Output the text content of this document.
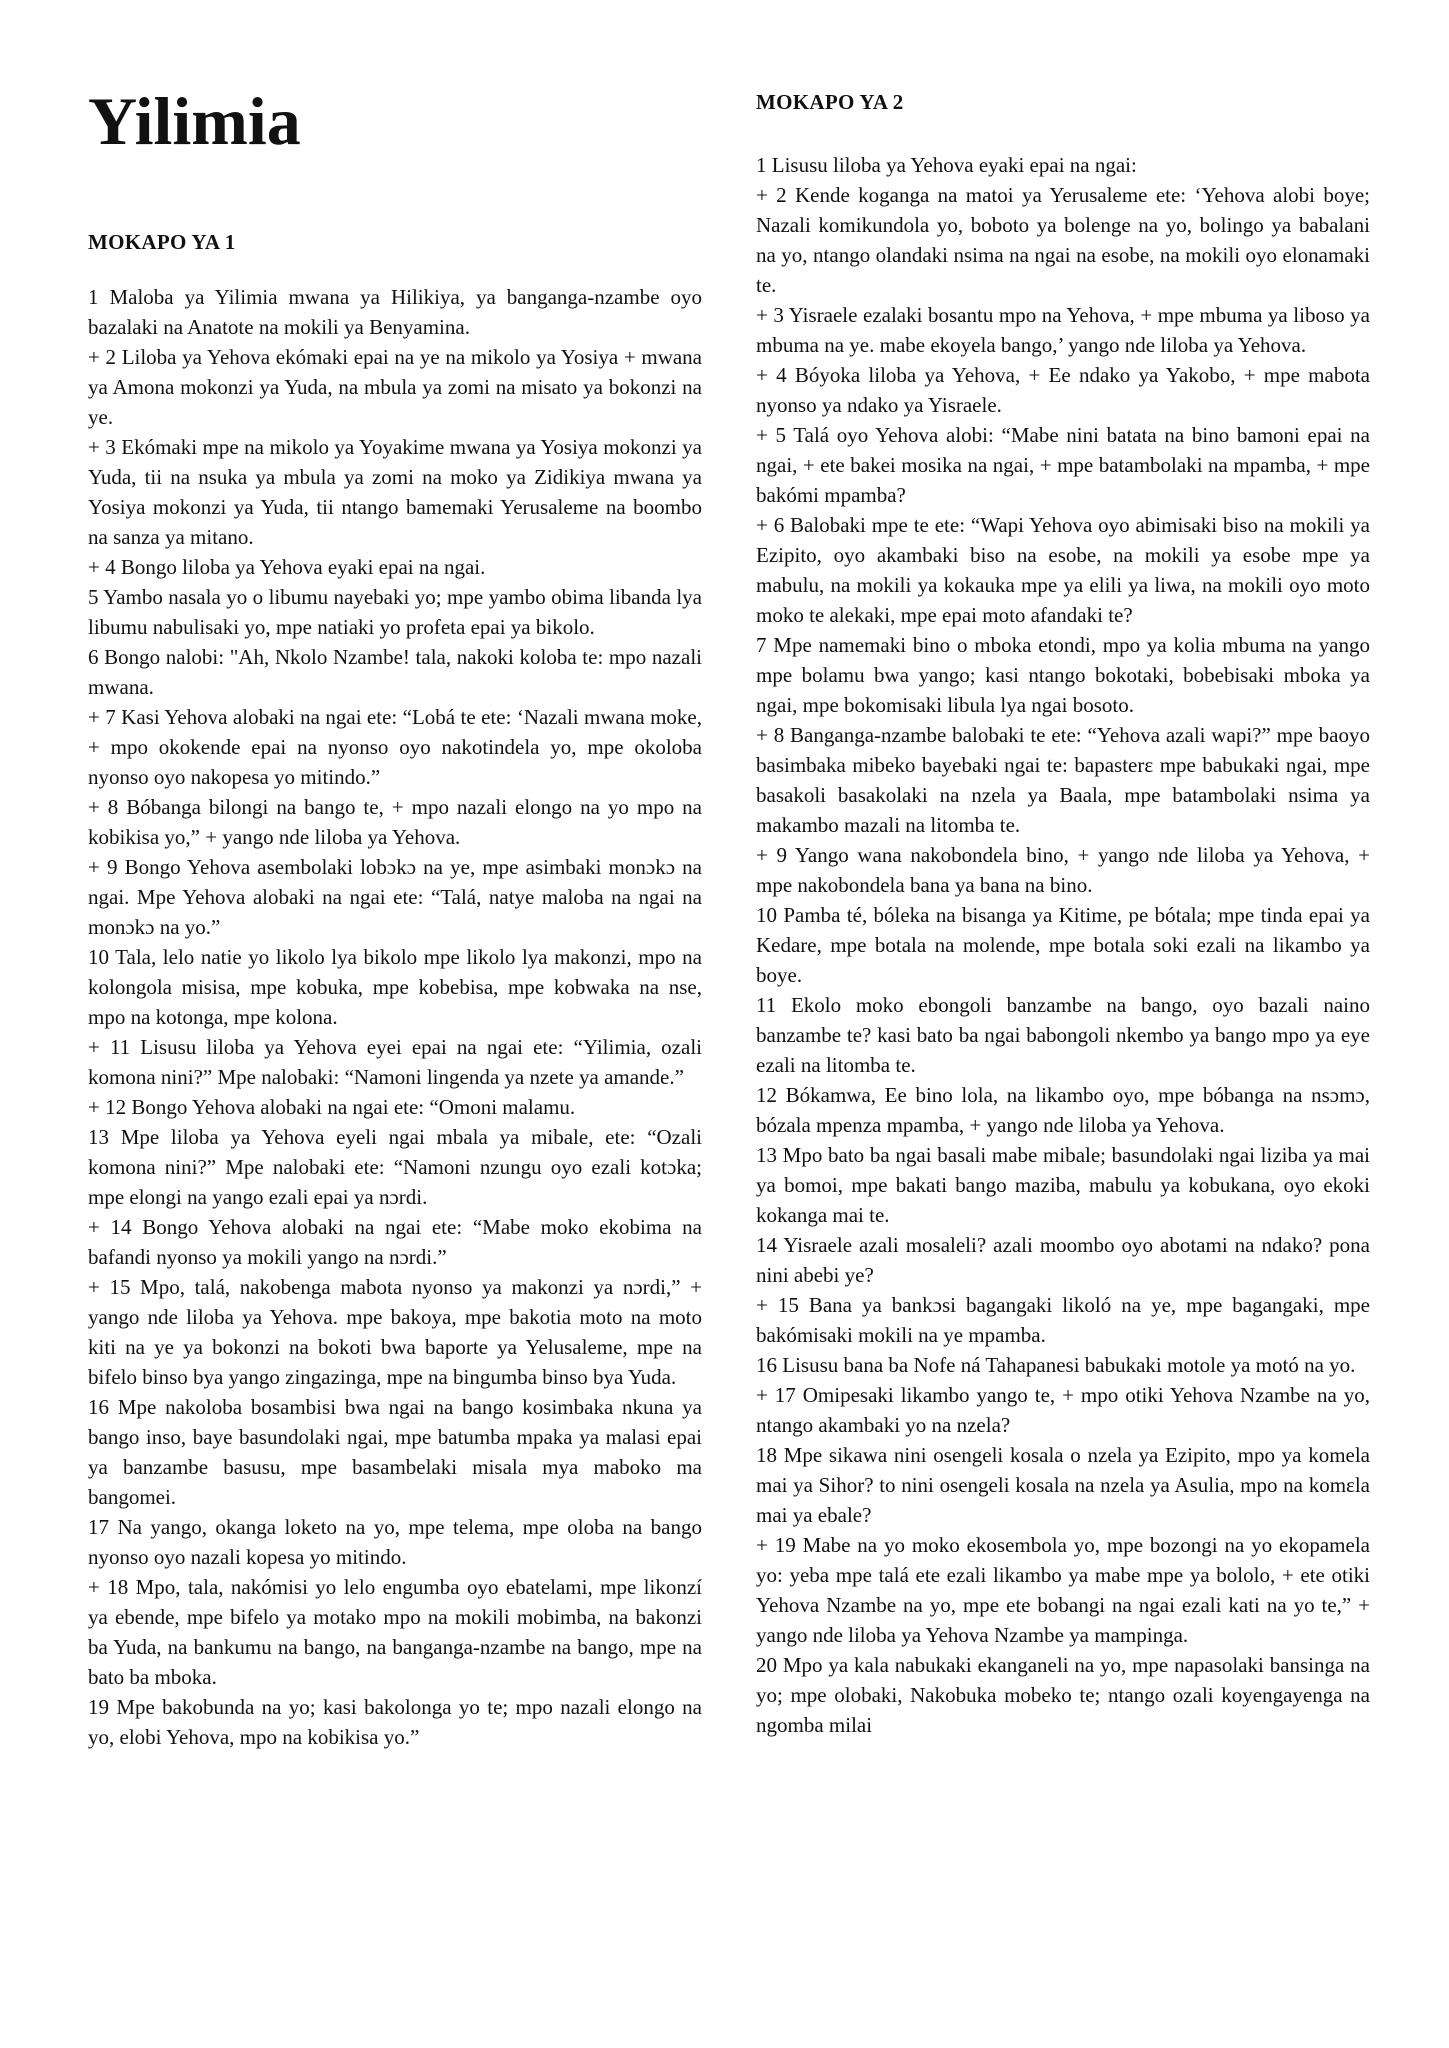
Yilimia
MOKAPO YA 1

1 Maloba ya Yilimia mwana ya Hilikiya, ya banganga-nzambe oyo bazalaki na Anatote na mokili ya Benyamina.

+ 2 Liloba ya Yehova ekómaki epai na ye na mikolo ya Yosiya + mwana ya Amona mokonzi ya Yuda, na mbula ya zomi na misato ya bokonzi na ye.

+ 3 Ekómaki mpe na mikolo ya Yoyakime mwana ya Yosiya mokonzi ya Yuda, tii na nsuka ya mbula ya zomi na moko ya Zidikiya mwana ya Yosiya mokonzi ya Yuda, tii ntango bamemaki Yerusaleme na boombo na sanza ya mitano.

+ 4 Bongo liloba ya Yehova eyaki epai na ngai.

5 Yambo nasala yo o libumu nayebaki yo; mpe yambo obima libanda lya libumu nabulisaki yo, mpe natiaki yo profeta epai ya bikolo.

6 Bongo nalobi: "Ah, Nkolo Nzambe! tala, nakoki koloba te: mpo nazali mwana.

+ 7 Kasi Yehova alobaki na ngai ete: “Lobá te ete: ‘Nazali mwana moke, + mpo okokende epai na nyonso oyo nakotindela yo, mpe okoloba nyonso oyo nakopesa yo mitindo.”

+ 8 Bóbanga bilongi na bango te, + mpo nazali elongo na yo mpo na kobikisa yo,” + yango nde liloba ya Yehova.

+ 9 Bongo Yehova asembolaki lobɔkɔ na ye, mpe asimbaki monɔkɔ na ngai. Mpe Yehova alobaki na ngai ete: “Talá, natye maloba na ngai na monɔkɔ na yo.”

10 Tala, lelo natie yo likolo lya bikolo mpe likolo lya makonzi, mpo na kolongola misisa, mpe kobuka, mpe kobebisa, mpe kobwaka na nse, mpo na kotonga, mpe kolona.

+ 11 Lisusu liloba ya Yehova eyei epai na ngai ete: “Yilimia, ozali komona nini?” Mpe nalobaki: “Namoni lingenda ya nzete ya amande.”

+ 12 Bongo Yehova alobaki na ngai ete: “Omoni malamu.

13 Mpe liloba ya Yehova eyeli ngai mbala ya mibale, ete: “Ozali komona nini?” Mpe nalobaki ete: “Namoni nzungu oyo ezali kotɔka; mpe elongi na yango ezali epai ya nɔrdi.

+ 14 Bongo Yehova alobaki na ngai ete: “Mabe moko ekobima na bafandi nyonso ya mokili yango na nɔrdi.”

+ 15 Mpo, talá, nakobenga mabota nyonso ya makonzi ya nɔrdi,” + yango nde liloba ya Yehova. mpe bakoya, mpe bakotia moto na moto kiti na ye ya bokonzi na bokoti bwa baporte ya Yelusaleme, mpe na bifelo binso bya yango zingazinga, mpe na bingumba binso bya Yuda.

16 Mpe nakoloba bosambisi bwa ngai na bango kosimbaka nkuna ya bango inso, baye basundolaki ngai, mpe batumba mpaka ya malasi epai ya banzambe basusu, mpe basambelaki misala mya maboko ma bangomei.

17 Na yango, okanga loketo na yo, mpe telema, mpe oloba na bango nyonso oyo nazali kopesa yo mitindo.

+ 18 Mpo, tala, nakómisi yo lelo engumba oyo ebatelami, mpe likonzí ya ebende, mpe bifelo ya motako mpo na mokili mobimba, na bakonzi ba Yuda, na bankumu na bango, na banganga-nzambe na bango, mpe na bato ba mboka.

19 Mpe bakobunda na yo; kasi bakolonga yo te; mpo nazali elongo na yo, elobi Yehova, mpo na kobikisa yo.”

MOKAPO YA 2

1 Lisusu liloba ya Yehova eyaki epai na ngai:

+ 2 Kende koganga na matoi ya Yerusaleme ete: ‘Yehova alobi boye; Nazali komikundola yo, boboto ya bolenge na yo, bolingo ya babalani na yo, ntango olandaki nsima na ngai na esobe, na mokili oyo elonamaki te.

+ 3 Yisraele ezalaki bosantu mpo na Yehova, + mpe mbuma ya liboso ya mbuma na ye. mabe ekoyela bango,’ yango nde liloba ya Yehova.

+ 4 Bóyoka liloba ya Yehova, + Ee ndako ya Yakobo, + mpe mabota nyonso ya ndako ya Yisraele.

+ 5 Talá oyo Yehova alobi: “Mabe nini batata na bino bamoni epai na ngai, + ete bakei mosika na ngai, + mpe batambolaki na mpamba, + mpe bakómi mpamba?

+ 6 Balobaki mpe te ete: “Wapi Yehova oyo abimisaki biso na mokili ya Ezipito, oyo akambaki biso na esobe, na mokili ya esobe mpe ya mabulu, na mokili ya kokauka mpe ya elili ya liwa, na mokili oyo moto moko te alekaki, mpe epai moto afandaki te?

7 Mpe namemaki bino o mboka etondi, mpo ya kolia mbuma na yango mpe bolamu bwa yango; kasi ntango bokotaki, bobebisaki mboka ya ngai, mpe bokomisaki libula lya ngai bosoto.

+ 8 Banganga-nzambe balobaki te ete: “Yehova azali wapi?” mpe baoyo basimbaka mibeko bayebaki ngai te: bapasterɛ mpe babukaki ngai, mpe basakoli basakolaki na nzela ya Baala, mpe batambolaki nsima ya makambo mazali na litomba te.

+ 9 Yango wana nakobondela bino, + yango nde liloba ya Yehova, + mpe nakobondela bana ya bana na bino.

10 Pamba té, bóleka na bisanga ya Kitime, pe bótala; mpe tinda epai ya Kedare, mpe botala na molende, mpe botala soki ezali na likambo ya boye.

11 Ekolo moko ebongoli banzambe na bango, oyo bazali naino banzambe te? kasi bato ba ngai babongoli nkembo ya bango mpo ya eye ezali na litomba te.

12 Bókamwa, Ee bino lola, na likambo oyo, mpe bóbanga na nsɔmɔ, bózala mpenza mpamba, + yango nde liloba ya Yehova.

13 Mpo bato ba ngai basali mabe mibale; basundolaki ngai liziba ya mai ya bomoi, mpe bakati bango maziba, mabulu ya kobukana, oyo ekoki kokanga mai te.

14 Yisraele azali mosaleli? azali moombo oyo abotami na ndako? pona nini abebi ye?

+ 15 Bana ya bankɔsi bagangaki likoló na ye, mpe bagangaki, mpe bakómisaki mokili na ye mpamba.

16 Lisusu bana ba Nofe ná Tahapanesi babukaki motole ya motó na yo.

+ 17 Omipesaki likambo yango te, + mpo otiki Yehova Nzambe na yo, ntango akambaki yo na nzela?

18 Mpe sikawa nini osengeli kosala o nzela ya Ezipito, mpo ya komela mai ya Sihor? to nini osengeli kosala na nzela ya Asulia, mpo na komɛla mai ya ebale?

+ 19 Mabe na yo moko ekosembola yo, mpe bozongi na yo ekopamela yo: yeba mpe talá ete ezali likambo ya mabe mpe ya bololo, + ete otiki Yehova Nzambe na yo, mpe ete bobangi na ngai ezali kati na yo te,” + yango nde liloba ya Yehova Nzambe ya mampinga.

20 Mpo ya kala nabukaki ekanganeli na yo, mpe napasolaki bansinga na yo; mpe olobaki, Nakobuka mobeko te; ntango ozali koyengayenga na ngomba milai
